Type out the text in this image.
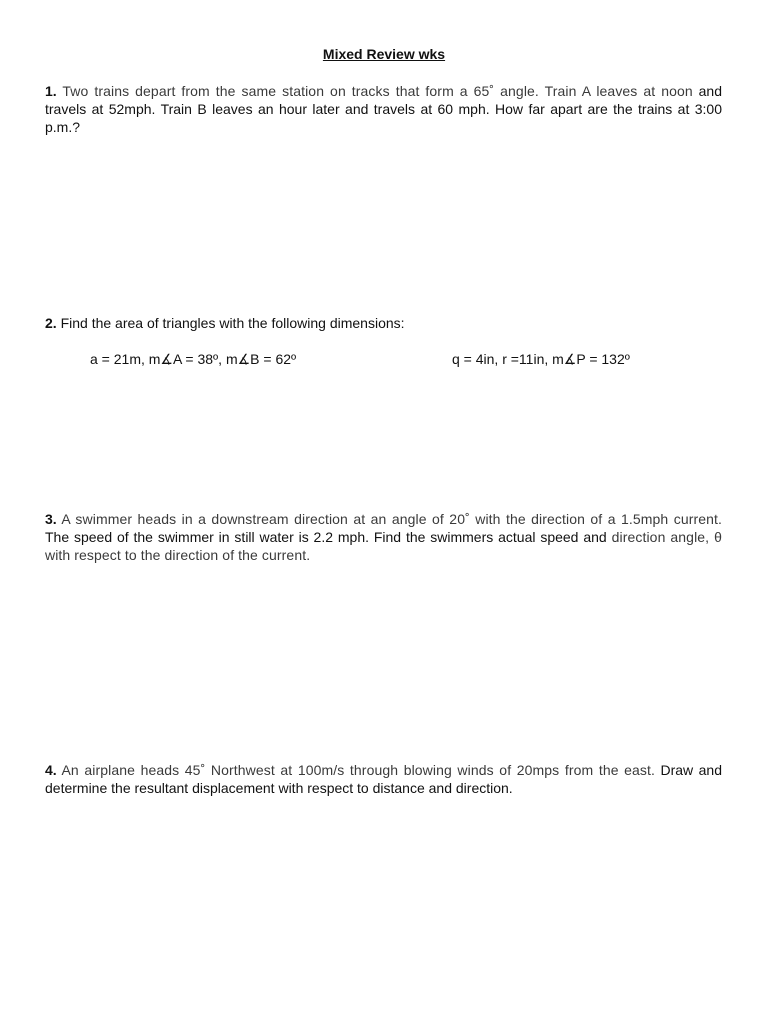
Mixed Review wks
1. Two trains depart from the same station on tracks that form a 65˚ angle. Train A leaves at noon and travels at 52mph. Train B leaves an hour later and travels at 60 mph. How far apart are the trains at 3:00 p.m.?
2. Find the area of triangles with the following dimensions:
a = 21m, m∡A = 38º, m∡B = 62º	q = 4in, r =11in, m∡P = 132º
3. A swimmer heads in a downstream direction at an angle of 20˚ with the direction of a 1.5mph current. The speed of the swimmer in still water is 2.2 mph. Find the swimmers actual speed and direction angle, θ with respect to the direction of the current.
4. An airplane heads 45˚ Northwest at 100m/s through blowing winds of 20mps from the east. Draw and determine the resultant displacement with respect to distance and direction.
